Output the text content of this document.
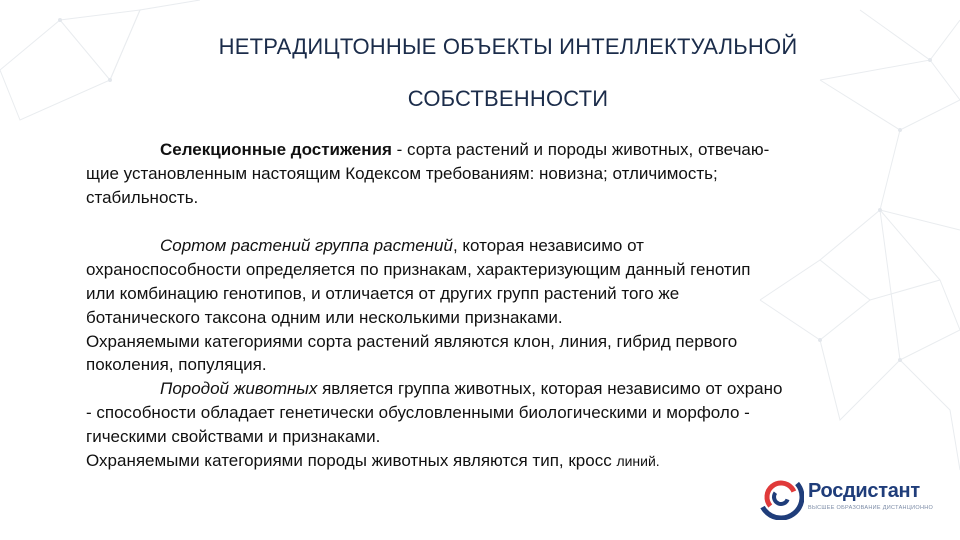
НЕТРАДИЦТОННЫЕ ОБЪЕКТЫ ИНТЕЛЛЕКТУАЛЬНОЙ
СОБСТВЕННОСТИ
Селекционные достижения - сорта растений и породы животных, отвечаю-
щие установленным настоящим Кодексом требованиям: новизна; отличимость;
стабильность.
Сортом растений группа растений, которая независимо от
охраноспособности определяется по признакам, характеризующим данный генотип
или комбинацию генотипов, и отличается от других групп растений того же
ботанического таксона одним или несколькими признаками.
Охраняемыми категориями сорта растений являются клон, линия, гибрид первого
поколения, популяция.
Породой животных является группа животных, которая независимо от охрано
- способности обладает генетически обусловленными биологическими и морфоло -
гическими свойствами и признаками.
Охраняемыми категориями породы животных являются тип, кросс линий.
Росдистант
ВЫСШЕЕ ОБРАЗОВАНИЕ ДИСТАНЦИОННО
